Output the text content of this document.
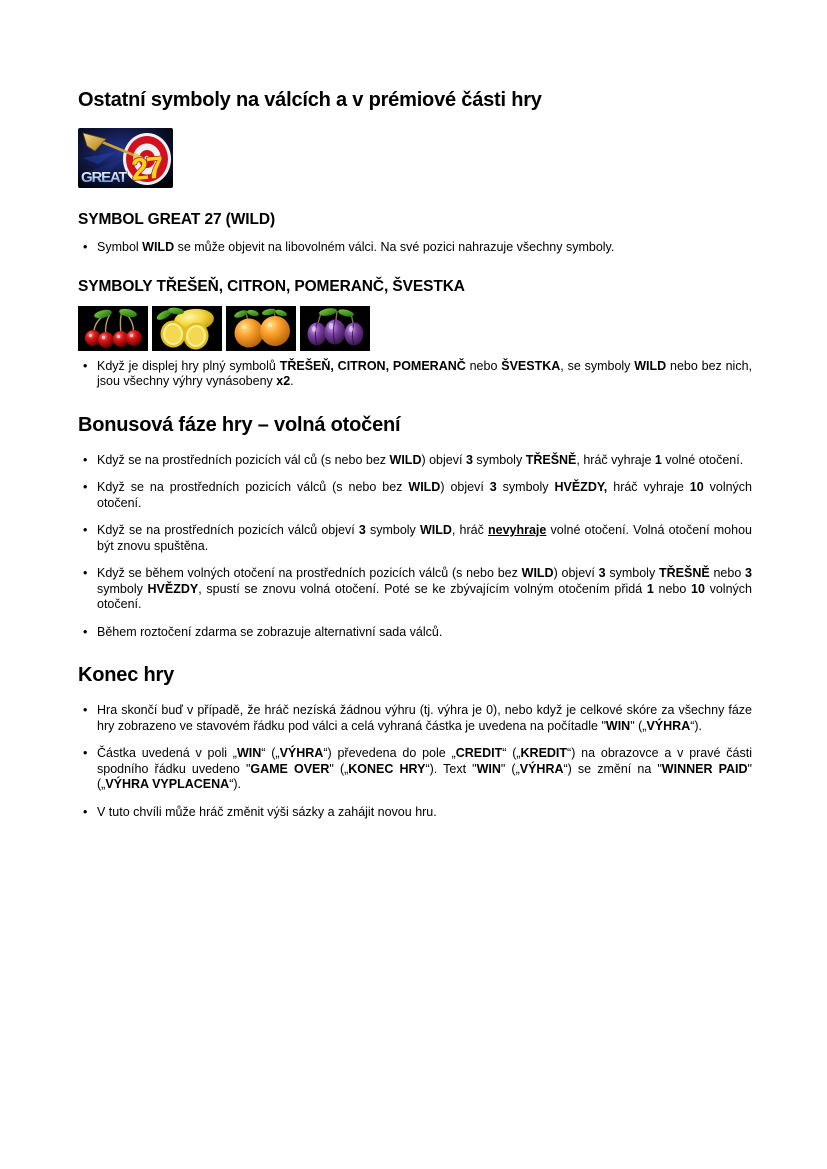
Ostatní symboly na válcích a v prémiové části hry
GREAT 27
SYMBOL GREAT 27 (WILD)
• Symbol WILD se může objevit na libovolném válci. Na své pozici nahrazuje všechny symboly.
SYMBOLY TŘEŠEŇ, CITRON, POMERANČ, ŠVESTKA
• Když je displej hry plný symbolů TŘEŠEŇ, CITRON, POMERANČ nebo ŠVESTKA, se symboly WILD nebo bez nich, jsou všechny výhry vynásobeny x2.
Bonusová fáze hry – volná otočení
• Když se na prostředních pozicích vál ců (s nebo bez WILD) objeví 3 symboly TŘEŠNĚ, hráč vyhraje 1 volné otočení.
• Když se na prostředních pozicích válců (s nebo bez WILD) objeví 3 symboly HVĚZDY, hráč vyhraje 10 volných otočení.
• Když se na prostředních pozicích válců objeví 3 symboly WILD, hráč nevyhraje volné otočení. Volná otočení mohou být znovu spuštěna.
• Když se během volných otočení na prostředních pozicích válců (s nebo bez WILD) objeví 3 symboly TŘEŠNĚ nebo 3 symboly HVĚZDY, spustí se znovu volná otočení. Poté se ke zbývajícím volným otočením přidá 1 nebo 10 volných otočení.
• Během roztočení zdarma se zobrazuje alternativní sada válců.
Konec hry
• Hra skončí buď v případě, že hráč nezíská žádnou výhru (tj. výhra je 0), nebo když je celkové skóre za všechny fáze hry zobrazeno ve stavovém řádku pod válci a celá vyhraná částka je uvedena na počítadle "WIN" („VÝHRA“).
• Částka uvedená v poli „WIN“ („VÝHRA“) převedena do pole „CREDIT“ („KREDIT“) na obrazovce a v pravé části spodního řádku uvedeno "GAME OVER" („KONEC HRY“). Text "WIN" („VÝHRA“) se změní na "WINNER PAID" („VÝHRA VYPLACENA“).
• V tuto chvíli může hráč změnit výši sázky a zahájit novou hru.
